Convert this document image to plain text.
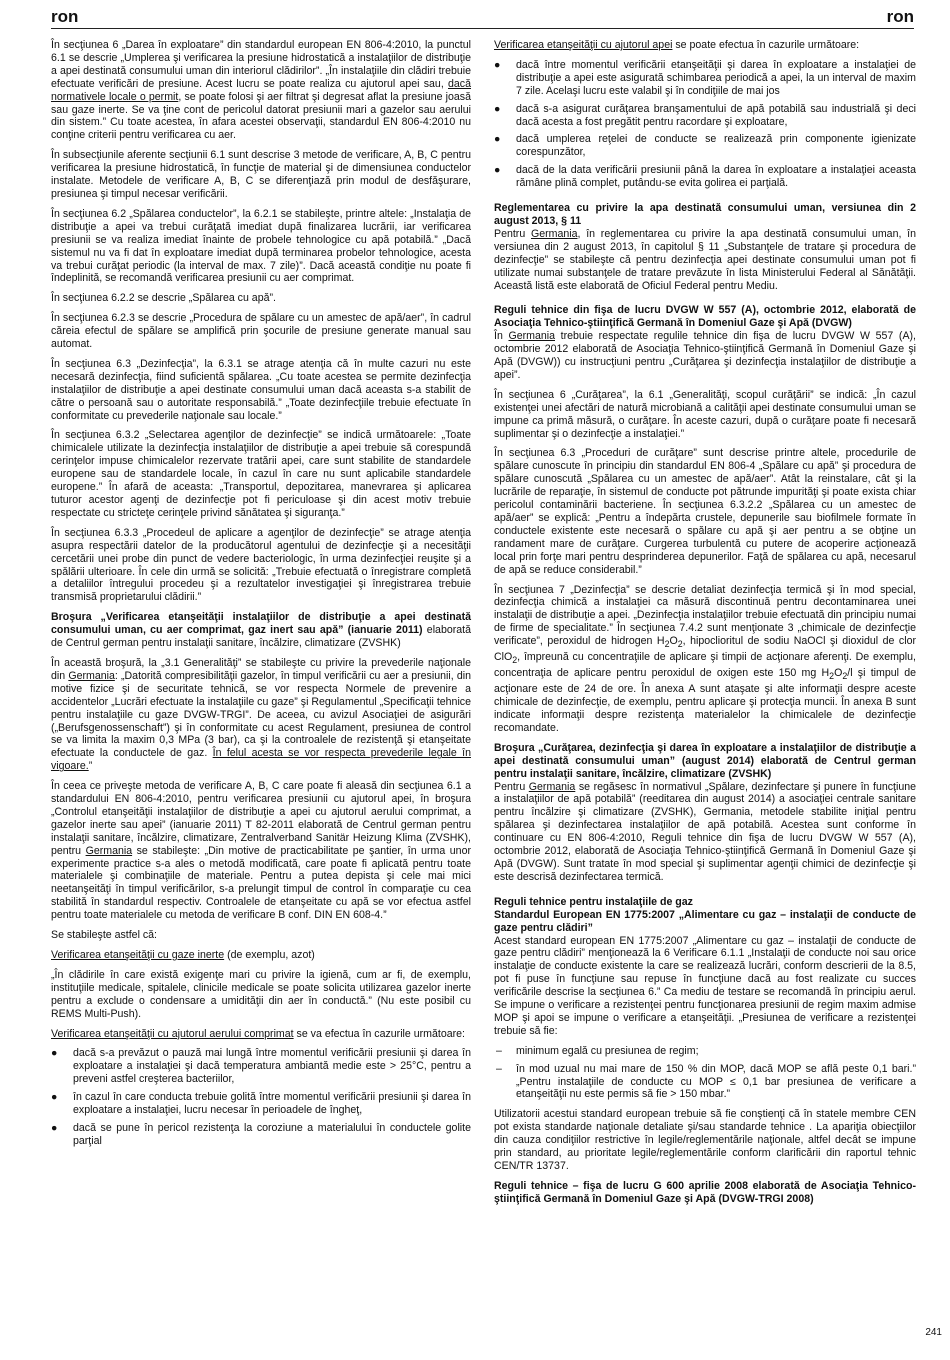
ron	ron

În secţiunea 6 „Darea în exploatare” din standardul european EN 806-4:2010, la punctul 6.1 se descrie „Umplerea şi verificarea la presiune hidrostatică a instalaţiilor de distribuţie a apei destinată consumului uman din interiorul clădirilor”. „În instalaţiile din clădiri trebuie efectuate verificări de presiune. Acest lucru se poate realiza cu ajutorul apei sau, dacă normativele locale o permit, se poate folosi şi aer filtrat şi degresat aflat la presiune joasă sau gaze inerte. Se va ţine cont de pericolul datorat presiunii mari a gazelor sau aerului din sistem.” Cu toate acestea, în afara acestei observaţii, standardul EN 806-4:2010 nu conţine criterii pentru verificarea cu aer.

În subsecţiunile aferente secţiunii 6.1 sunt descrise 3 metode de verificare, A, B, C pentru verificarea la presiune hidrostatică, în funcţie de material şi de dimensiunea conductelor instalate. Metodele de verificare A, B, C se diferenţiază prin modul de desfăşurare, presiunea şi timpul necesar verificării.

În secţiunea 6.2 „Spălarea conductelor”, la 6.2.1 se stabileşte, printre altele: „Instalaţia de distribuţie a apei va trebui curăţată imediat după finalizarea lucrării, iar verificarea presiunii se va realiza imediat înainte de probele tehnologice cu apă potabilă.” „Dacă sistemul nu va fi dat în exploatare imediat după terminarea probelor tehnologice, acesta va trebui curăţat periodic (la interval de max. 7 zile)”. Dacă această condiţie nu poate fi îndeplinită, se recomandă verificarea presiunii cu aer comprimat.

În secţiunea 6.2.2 se descrie „Spălarea cu apă”.

În secţiunea 6.2.3 se descrie „Procedura de spălare cu un amestec de apă/aer”, în cadrul căreia efectul de spălare se amplifică prin şocurile de presiune generate manual sau automat.

În secţiunea 6.3 „Dezinfecţia”, la 6.3.1 se atrage atenţia că în multe cazuri nu este necesară dezinfecţia, fiind suficientă spălarea. „Cu toate acestea se permite dezinfecţia instalaţiilor de distribuţie a apei destinate consumului uman dacă aceasta s-a stabilit de către o persoană sau o autoritate responsabilă.” „Toate dezinfecţiile trebuie efectuate în conformitate cu prevederile naţionale sau locale.”

În secţiunea 6.3.2 „Selectarea agenţilor de dezinfecţie” se indică următoarele: „Toate chimicalele utilizate la dezinfecţia instalaţiilor de distribuţie a apei trebuie să corespundă cerinţelor impuse chimicalelor rezervate tratării apei, care sunt stabilite de standardele europene sau de standardele locale, în cazul în care nu sunt aplicabile standardele europene.” În afară de aceasta: „Transportul, depozitarea, manevrarea şi aplicarea tuturor acestor agenţi de dezinfecţie pot fi periculoase şi din acest motiv trebuie respectate cu stricteţe cerinţele privind sănătatea şi siguranţa.”

În secţiunea 6.3.3 „Procedeul de aplicare a agenţilor de dezinfecţie” se atrage atenţia asupra respectării datelor de la producătorul agentului de dezinfecţie şi a necesităţii cercetării unei probe din punct de vedere bacteriologic, în urma dezinfecţiei reuşite şi a spălării ulterioare. În cele din urmă se solicită: „Trebuie efectuată o înregistrare completă a detaliilor întregului procedeu şi a rezultatelor investigaţiei şi înregistrarea trebuie transmisă proprietarului clădirii.”

Broşura „Verificarea etanşeităţii instalaţiilor de distribuţie a apei destinată consumului uman, cu aer comprimat, gaz inert sau apă” (ianuarie 2011) elaborată de Centrul german pentru instalaţii sanitare, încălzire, climatizare (ZVSHK)

În această broşură, la „3.1 Generalităţi” se stabileşte cu privire la prevederile naţionale din Germania: „Datorită compresibilităţii gazelor, în timpul verificării cu aer a presiunii, din motive fizice şi de securitate tehnică, se vor respecta Normele de prevenire a accidentelor „Lucrări efectuate la instalaţiile cu gaze” şi Regulamentul „Specificaţii tehnice pentru instalaţiile cu gaze DVGW-TRGI”. De aceea, cu avizul Asociaţiei de asigurări („Berufsgenossenschaft”) şi în conformitate cu acest Regulament, presiunea de control se va limita la maxim 0,3 MPa (3 bar), ca şi la controalele de rezistenţă şi etanşeitate efectuate la conductele de gaz. În felul acesta se vor respecta prevederile legale în vigoare.”

În ceea ce priveşte metoda de verificare A, B, C care poate fi aleasă din secţiunea 6.1 a standardului EN 806-4:2010, pentru verificarea presiunii cu ajutorul apei, în broşura „Controlul etanşeităţii instalaţiilor de distribuţie a apei cu ajutorul aerului comprimat, a gazelor inerte sau apei” (ianuarie 2011) T 82-2011 elaborată de Centrul german pentru instalaţii sanitare, încălzire, climatizare, Zentralverband Sanitär Heizung Klima (ZVSHK), pentru Germania se stabileşte: „Din motive de practicabilitate pe şantier, în urma unor experimente practice s-a ales o metodă modificată, care poate fi aplicată pentru toate materialele şi combinaţiile de materiale. Pentru a putea depista şi cele mai mici neetanşeităţi în timpul verificărilor, s-a prelungit timpul de control în comparaţie cu cea stabilită în standardul respectiv. Controalele de etanşeitate cu apă se vor efectua astfel pentru toate materialele cu metoda de verificare B conf. DIN EN 608-4.”

Se stabileşte astfel că:

Verificarea etanşeităţii cu gaze inerte (de exemplu, azot)

„În clădirile în care există exigenţe mari cu privire la igienă, cum ar fi, de exemplu, instituţiile medicale, spitalele, clinicile medicale se poate solicita utilizarea gazelor inerte pentru a exclude o condensare a umidităţii din aer în conductă.” (Nu este posibil cu REMS Multi-Push).

Verificarea etanşeităţii cu ajutorul aerului comprimat se va efectua în cazurile următoare:

● dacă s-a prevăzut o pauză mai lungă între momentul verificării presiunii şi darea în exploatare a instalaţiei şi dacă temperatura ambiantă medie este > 25°C, pentru a preveni astfel creşterea bacteriilor,
● în cazul în care conducta trebuie golită între momentul verificării presiunii şi darea în exploatare a instalaţiei, lucru necesar în perioadele de îngheţ,
● dacă se pune în pericol rezistenţa la coroziune a materialului în conductele golite parţial

Verificarea etanşeităţii cu ajutorul apei se poate efectua în cazurile următoare:

● dacă între momentul verificării etanşeităţii şi darea în exploatare a instalaţiei de distribuţie a apei este asigurată schimbarea periodică a apei, la un interval de maxim 7 zile. Acelaşi lucru este valabil şi în condiţiile de mai jos
● dacă s-a asigurat curăţarea branşamentului de apă potabilă sau industrială şi deci dacă acesta a fost pregătit pentru racordare şi exploatare,
● dacă umplerea reţelei de conducte se realizează prin componente igienizate corespunzător,
● dacă de la data verificării presiunii până la darea în exploatare a instalaţiei aceasta rămâne plină complet, putându-se evita golirea ei parţială.

Reglementarea cu privire la apa destinată consumului uman, versiunea din 2 august 2013, § 11

Pentru Germania, în reglementarea cu privire la apa destinată consumului uman, în versiunea din 2 august 2013, în capitolul § 11 „Substanţele de tratare şi procedura de dezinfecţie” se stabileşte că pentru dezinfecţia apei destinate consumului uman pot fi utilizate numai substanţele de tratare prevăzute în lista Ministerului Federal al Sănătăţii. Această listă este elaborată de Oficiul Federal pentru Mediu.

Reguli tehnice din fişa de lucru DVGW W 557 (A), octombrie 2012, elaborată de Asociaţia Tehnico-ştiinţifică Germană în Domeniul Gaze şi Apă (DVGW)

În Germania trebuie respectate regulile tehnice din fişa de lucru DVGW W 557 (A), octombrie 2012 elaborată de Asociaţia Tehnico-ştiinţifică Germană în Domeniul Gaze şi Apă (DVGW)) cu instrucţiuni pentru „Curăţarea şi dezinfecţia instalaţiilor de distribuţie a apei”.

În secţiunea 6 „Curăţarea”, la 6.1 „Generalităţi, scopul curăţării” se indică: „În cazul existenţei unei afectări de natură microbiană a calităţii apei destinate consumului uman se impune ca primă măsură, o curăţare. În aceste cazuri, după o curăţare poate fi necesară suplimentar şi o dezinfecţie a instalaţiei.”

În secţiunea 6.3 „Proceduri de curăţare” sunt descrise printre altele, procedurile de spălare cunoscute în principiu din standardul EN 806-4 „Spălare cu apă” şi procedura de spălare cunoscută „Spălarea cu un amestec de apă/aer”. Atât la reinstalare, cât şi la lucrările de reparaţie, în sistemul de conducte pot pătrunde impurităţi şi poate exista chiar pericolul contaminării bacteriene. În secţiunea 6.3.2.2 „Spălarea cu un amestec de apă/aer” se explică: „Pentru a îndepărta crustele, depunerile sau biofilmele formate în conductele existente este necesară o spălare cu apă şi aer pentru a se obţine un randament mare de curăţare. Curgerea turbulentă cu putere de acoperire acţionează local prin forţe mari pentru desprinderea depunerilor. Faţă de spălarea cu apă, necesarul de apă se reduce considerabil.”

În secţiunea 7 „Dezinfecţia” se descrie detaliat dezinfecţia termică şi în mod special, dezinfecţia chimică a instalaţiei ca măsură discontinuă pentru decontaminarea unei instalaţii de distribuţie a apei. „Dezinfecţia instalaţiilor trebuie efectuată din principiu numai de firme de specialitate.” În secţiunea 7.4.2 sunt menţionate 3 „chimicale de dezinfecţie verificate”, peroxidul de hidrogen $H_2O_2$, hipoclioritul de sodiu NaOCl şi dioxidul de clor ClO$_2$, împreună cu concentraţiile de aplicare şi timpii de acţionare aferenţi. De exemplu, concentraţia de aplicare pentru peroxidul de oxigen este 150 mg $H_2O_2/l$ şi timpul de acţionare este de 24 de ore. În anexa A sunt ataşate şi alte informaţii despre aceste chimicale de dezinfecţie, de exemplu, pentru aplicare şi protecţia muncii. În anexa B sunt indicate informaţii despre rezistenţa materialelor la chimicalele de dezinfecţie recomandate.

Broşura „Curăţarea, dezinfecţia şi darea în exploatare a instalaţiilor de distribuţie a apei destinată consumului uman” (august 2014) elaborată de Centrul german pentru instalaţii sanitare, încălzire, climatizare (ZVSHK)

Pentru Germania se regăsesc în normativul „Spălare, dezinfectare şi punere în funcţiune a instalaţiilor de apă potabilă” (reeditarea din august 2014) a asociaţiei centrale sanitare pentru încălzire şi climatizare (ZVSHK), Germania, metodele stabilite iniţial pentru spălarea şi dezinfectarea instalaţiilor de apă potabilă. Acestea sunt conforme în continuare cu EN 806-4:2010, Reguli tehnice din fişa de lucru DVGW W 557 (A), octombrie 2012, elaborată de Asociaţia Tehnico-ştiinţifică Germană în Domeniul Gaze şi Apă (DVGW). Sunt tratate în mod special şi suplimentar agenţii chimici de dezinfecţie şi este descrisă dezinfectarea termică.

Reguli tehnice pentru instalaţiile de gaz

Standardul European EN 1775:2007 „Alimentare cu gaz – instalaţii de conducte de gaze pentru clădiri”

Acest standard european EN 1775:2007 „Alimentare cu gaz – instalaţii de conducte de gaze pentru clădiri” menţionează la 6 Verificare 6.1.1 „Instalaţii de conducte noi sau orice instalaţie de conducte existente la care se realizează lucrări, conform descrierii de la 8.5, pot fi puse în funcţiune sau repuse în funcţiune dacă au fost realizate cu succes verificările descrise la secţiunea 6.” Ca mediu de testare se recomandă în principiu aerul. Se impune o verificare a rezistenţei pentru funcţionarea presiunii de regim maxim admise MOP şi apoi se impune o verificare a etanşeităţii. „Presiunea de verificare a rezistenţei trebuie să fie:

– minimum egală cu presiunea de regim;
– în mod uzual nu mai mare de 150 % din MOP, dacă MOP se află peste 0,1 bari.” „Pentru instalaţiile de conducte cu MOP ≤ 0,1 bar presiunea de verificare a etanşeităţii nu este permis să fie > 150 mbar.”

Utilizatorii acestui standard european trebuie să fie conştienţi că în statele membre CEN pot exista standarde naţionale detaliate şi/sau standarde tehnice . La apariţia obiecţiilor din cauza condiţiilor restrictive în legile/reglementările naţionale, altfel decât se impune prin standard, au prioritate legile/reglementările conform clarificării din raportul tehnic CEN/TR 13737.

Reguli tehnice – fişa de lucru G 600 aprilie 2008 elaborată de Asociaţia Tehnico-ştiinţifică Germană în Domeniul Gaze şi Apă (DVGW-TRGI 2008)

241
